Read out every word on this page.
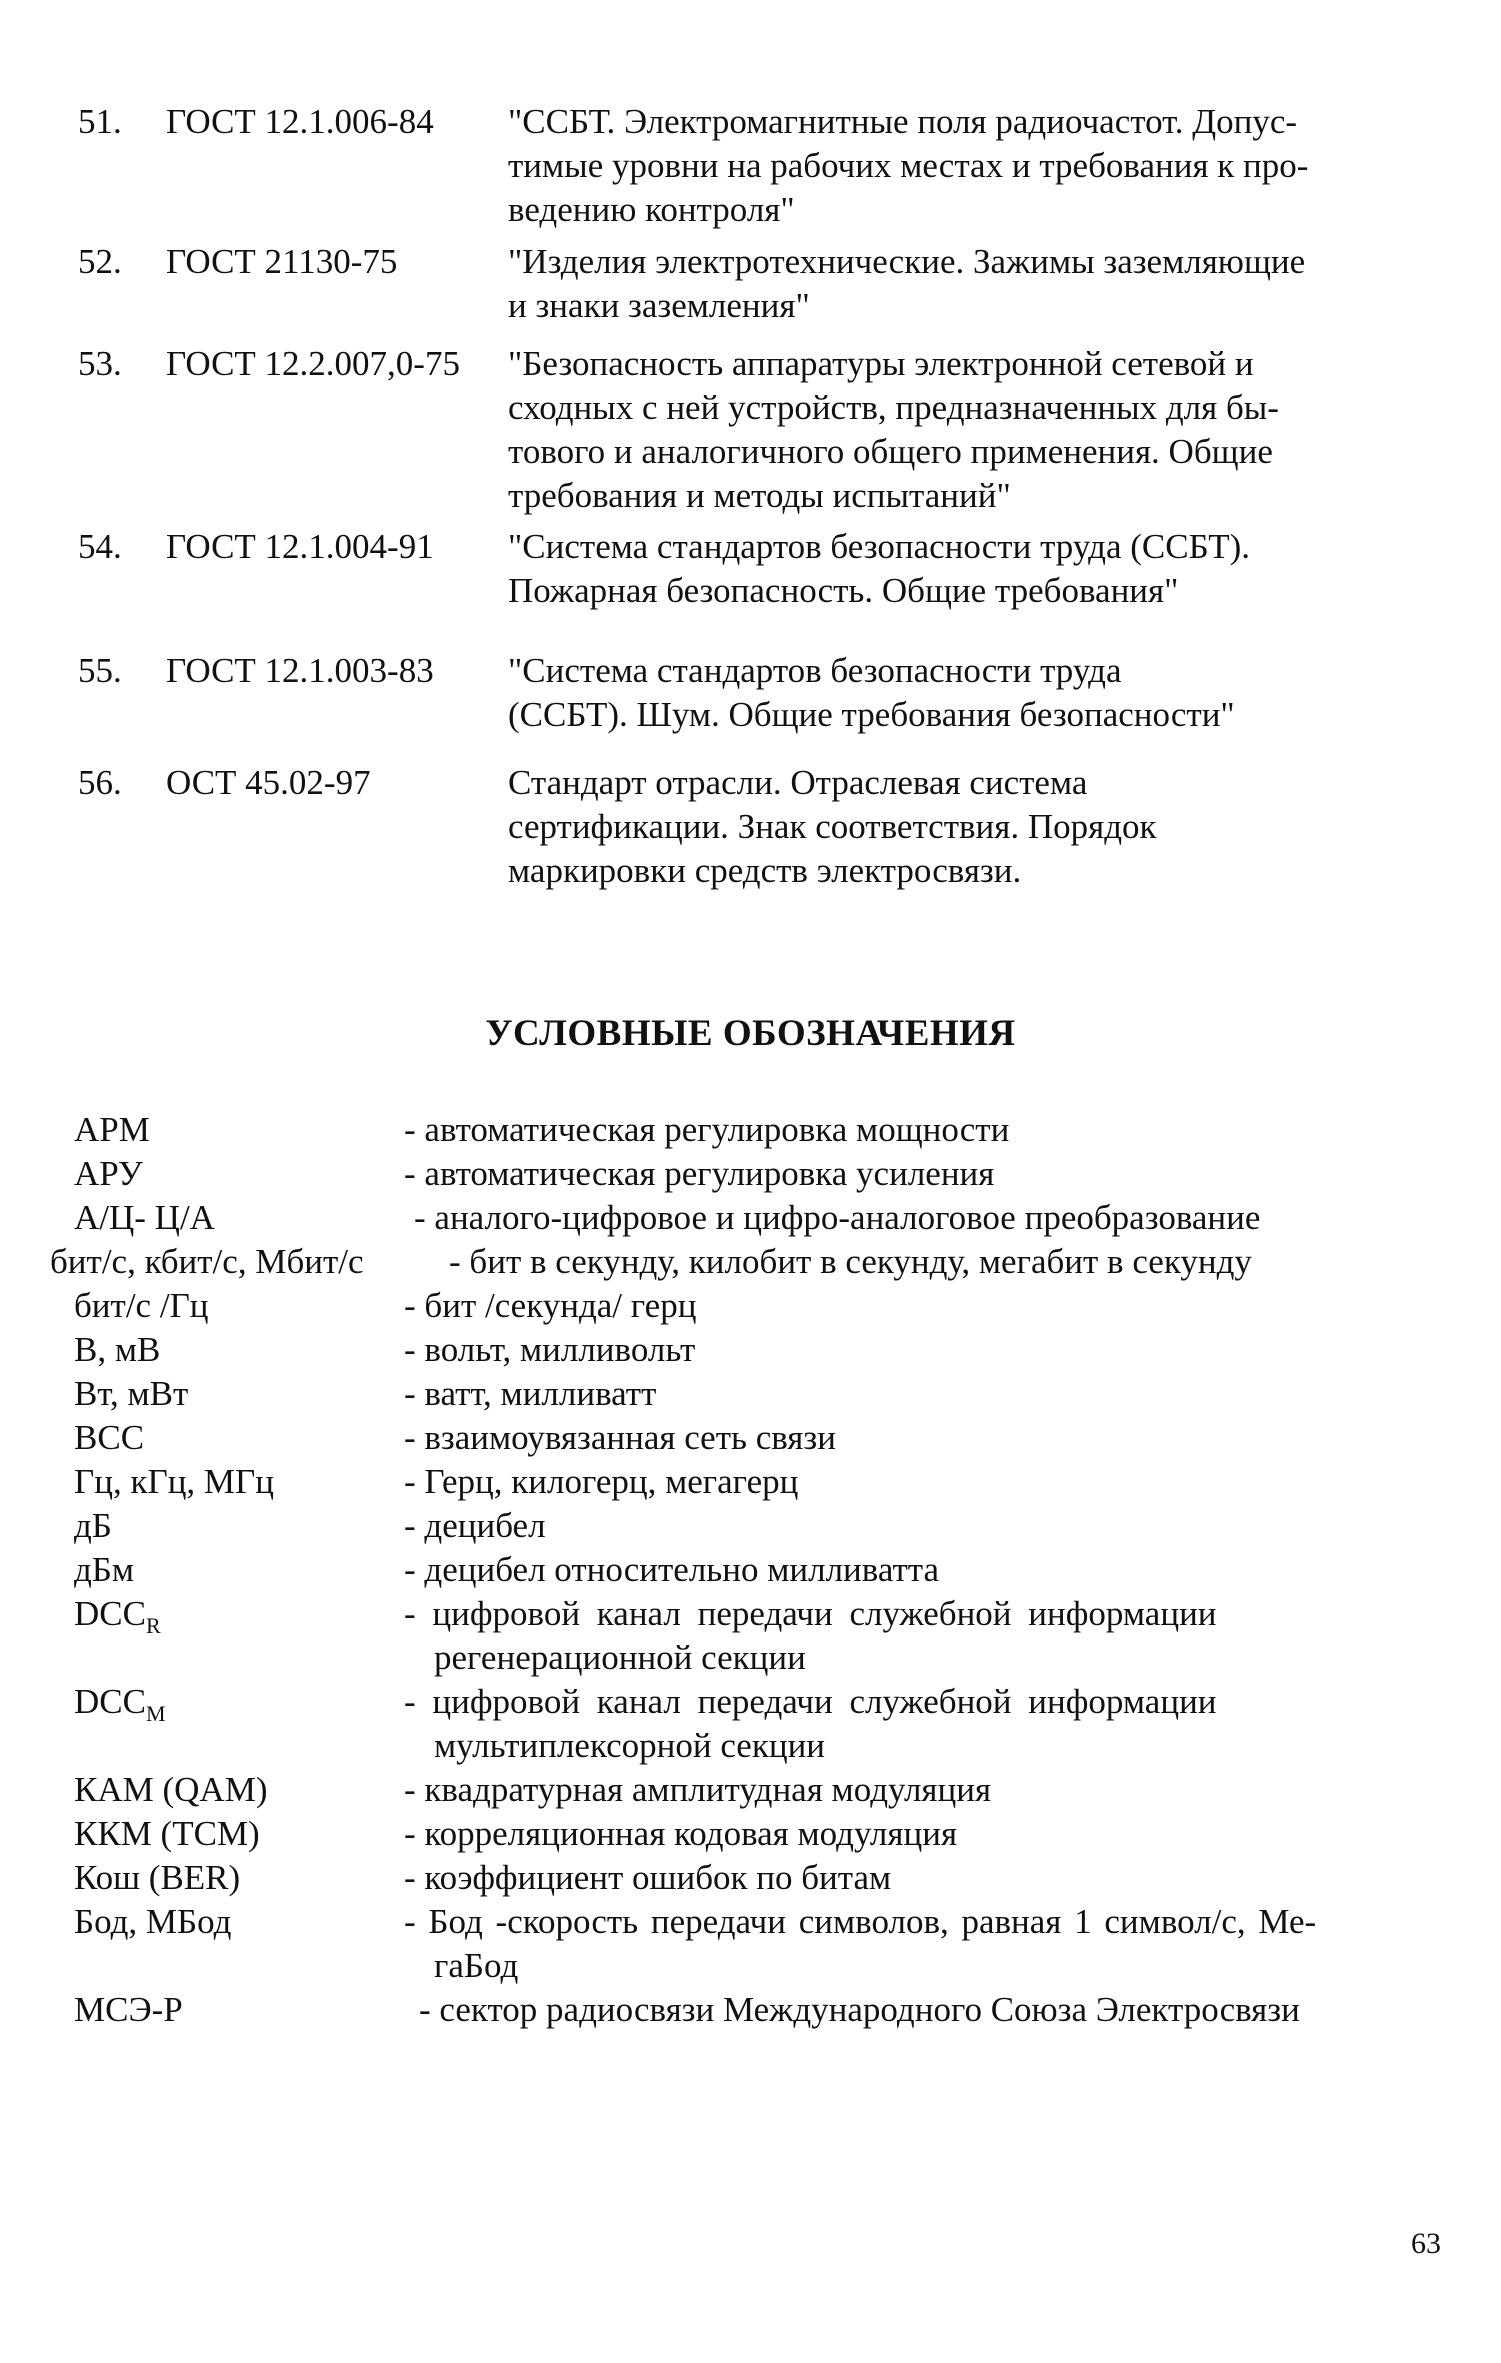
51.	ГОСТ 12.1.006-84	"ССБТ. Электромагнитные поля радиочастот. Допус-
тимые уровни на рабочих местах и требования к про-
ведению контроля"
52.	ГОСТ 21130-75	"Изделия электротехнические. Зажимы заземляющие
и знаки заземления"
53.	ГОСТ 12.2.007,0-75	"Безопасность аппаратуры электронной сетевой и
сходных с ней устройств, предназначенных для бы-
тового и аналогичного общего применения. Общие
требования и методы испытаний"
54.	ГОСТ 12.1.004-91	"Система стандартов безопасности труда (ССБТ).
Пожарная безопасность. Общие требования"
55.	ГОСТ 12.1.003-83	"Система стандартов безопасности труда
(ССБТ). Шум. Общие требования безопасности"
56.	ОСТ 45.02-97	Стандарт отрасли. Отраслевая система
сертификации. Знак соответствия. Порядок
маркировки средств электросвязи.
УСЛОВНЫЕ ОБОЗНАЧЕНИЯ
АРМ	- автоматическая регулировка мощности
АРУ	- автоматическая регулировка усиления
А/Ц- Ц/А	- аналого-цифровое и цифро-аналоговое преобразование
бит/с, кбит/с, Мбит/с - бит в секунду, килобит в секунду, мегабит в секунду
бит/с /Гц	- бит /секунда/ герц
В, мВ	- вольт, милливольт
Вт, мВт	- ватт, милливатт
ВСС	- взаимоувязанная сеть связи
Гц, кГц, МГц	- Герц, килогерц, мегагерц
дБ	- децибел
дБм	- децибел относительно милливатта
$DCC_R$	- цифровой канал передачи служебной информации
регенерационной секции
$DCC_M$	- цифровой канал передачи служебной информации
мультиплексорной секции
КАМ (QAM)	- квадратурная амплитудная модуляция
ККМ (ТСМ)	- корреляционная кодовая модуляция
Кош (BER)	- коэффициент ошибок по битам
Бод, МБод	- Бод -скорость передачи символов, равная 1 символ/с, Ме-
гаБод
МСЭ-Р	- сектор радиосвязи Международного Союза Электросвязи
63
